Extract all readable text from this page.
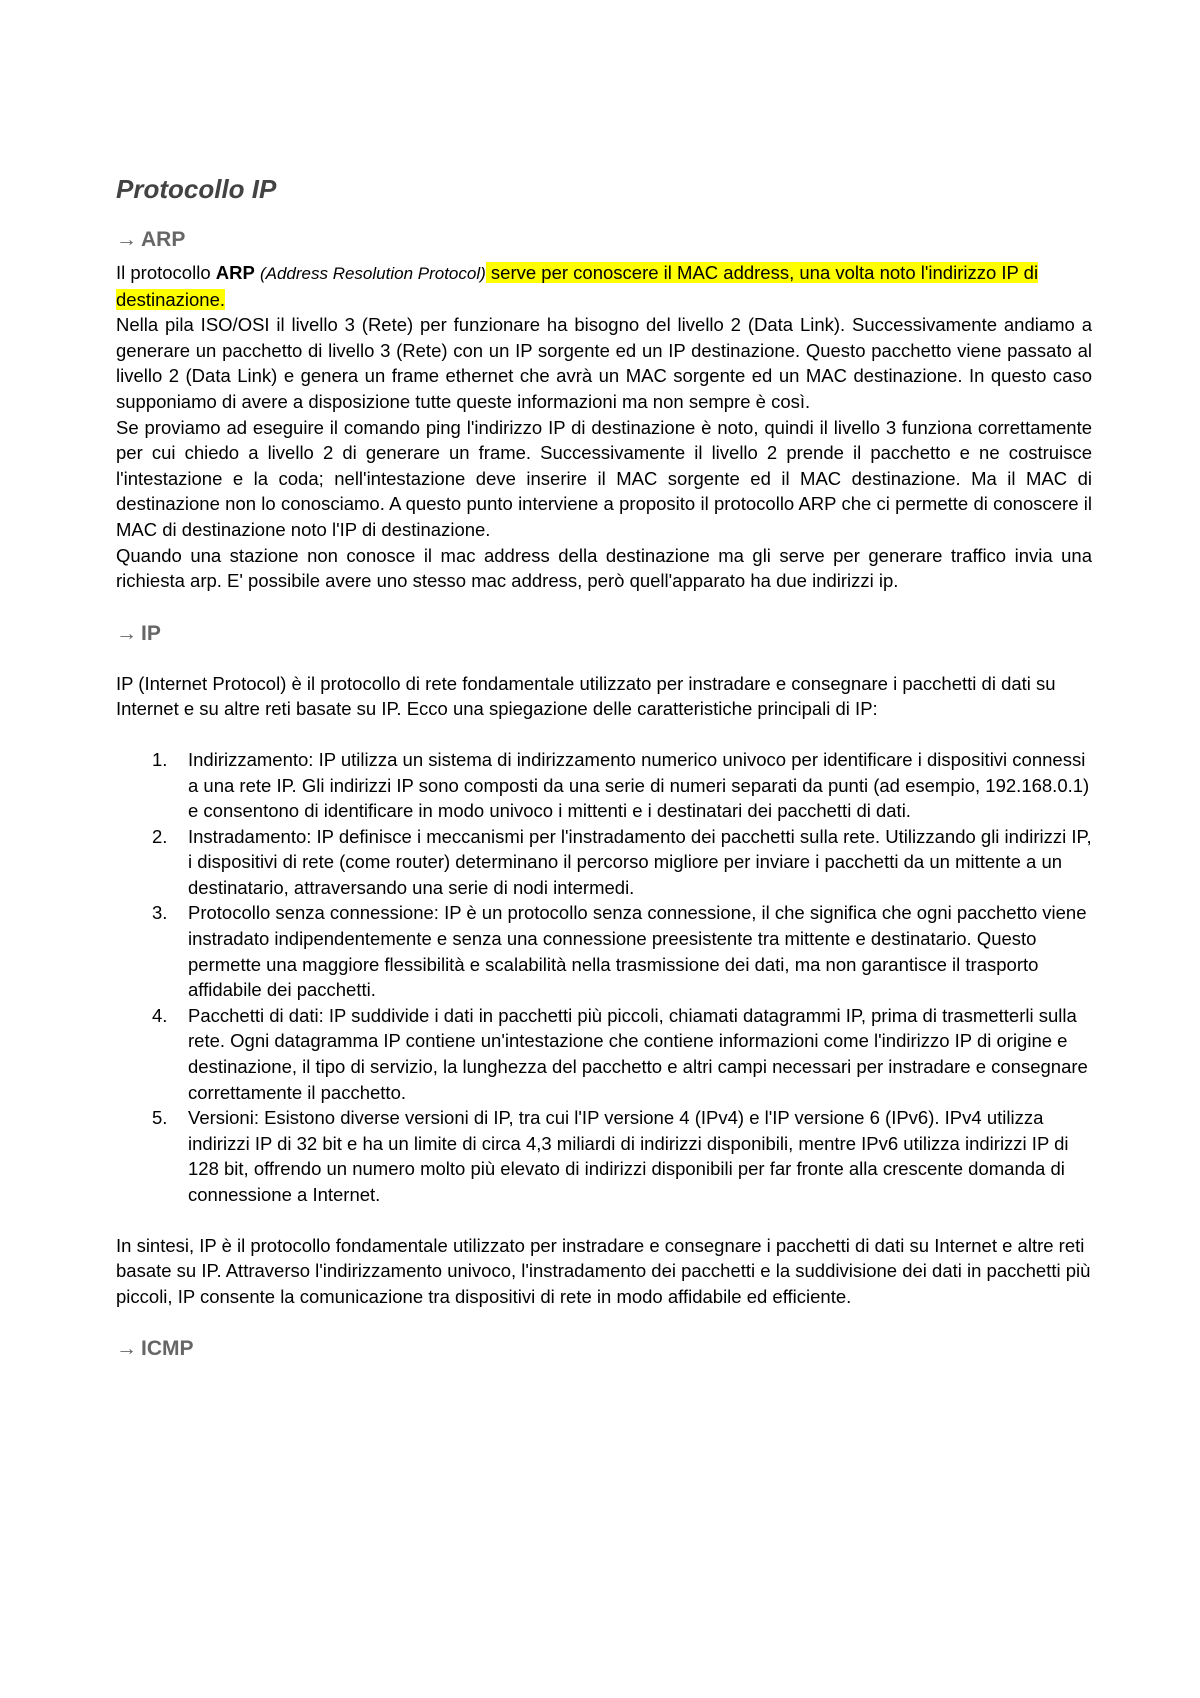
Protocollo IP
→ ARP

Il protocollo ARP (Address Resolution Protocol) serve per conoscere il MAC address, una volta noto l'indirizzo IP di destinazione.

Nella pila ISO/OSI il livello 3 (Rete) per funzionare ha bisogno del livello 2 (Data Link). Successivamente andiamo a generare un pacchetto di livello 3 (Rete) con un IP sorgente ed un IP destinazione. Questo pacchetto viene passato al livello 2 (Data Link) e genera un frame ethernet che avrà un MAC sorgente ed un MAC destinazione. In questo caso supponiamo di avere a disposizione tutte queste informazioni ma non sempre è così.

Se proviamo ad eseguire il comando ping l'indirizzo IP di destinazione è noto, quindi il livello 3 funziona correttamente per cui chiedo a livello 2 di generare un frame. Successivamente il livello 2 prende il pacchetto e ne costruisce l'intestazione e la coda; nell'intestazione deve inserire il MAC sorgente ed il MAC destinazione. Ma il MAC di destinazione non lo conosciamo. A questo punto interviene a proposito il protocollo ARP che ci permette di conoscere il MAC di destinazione noto l'IP di destinazione.

Quando una stazione non conosce il mac address della destinazione ma gli serve per generare traffico invia una richiesta arp. E' possibile avere uno stesso mac address, però quell'apparato ha due indirizzi ip.

→ IP

IP (Internet Protocol) è il protocollo di rete fondamentale utilizzato per instradare e consegnare i pacchetti di dati su Internet e su altre reti basate su IP. Ecco una spiegazione delle caratteristiche principali di IP:

1. Indirizzamento: IP utilizza un sistema di indirizzamento numerico univoco per identificare i dispositivi connessi a una rete IP. Gli indirizzi IP sono composti da una serie di numeri separati da punti (ad esempio, 192.168.0.1) e consentono di identificare in modo univoco i mittenti e i destinatari dei pacchetti di dati.
2. Instradamento: IP definisce i meccanismi per l'instradamento dei pacchetti sulla rete. Utilizzando gli indirizzi IP, i dispositivi di rete (come router) determinano il percorso migliore per inviare i pacchetti da un mittente a un destinatario, attraversando una serie di nodi intermedi.
3. Protocollo senza connessione: IP è un protocollo senza connessione, il che significa che ogni pacchetto viene instradato indipendentemente e senza una connessione preesistente tra mittente e destinatario. Questo permette una maggiore flessibilità e scalabilità nella trasmissione dei dati, ma non garantisce il trasporto affidabile dei pacchetti.
4. Pacchetti di dati: IP suddivide i dati in pacchetti più piccoli, chiamati datagrammi IP, prima di trasmetterli sulla rete. Ogni datagramma IP contiene un'intestazione che contiene informazioni come l'indirizzo IP di origine e destinazione, il tipo di servizio, la lunghezza del pacchetto e altri campi necessari per instradare e consegnare correttamente il pacchetto.
5. Versioni: Esistono diverse versioni di IP, tra cui l'IP versione 4 (IPv4) e l'IP versione 6 (IPv6). IPv4 utilizza indirizzi IP di 32 bit e ha un limite di circa 4,3 miliardi di indirizzi disponibili, mentre IPv6 utilizza indirizzi IP di 128 bit, offrendo un numero molto più elevato di indirizzi disponibili per far fronte alla crescente domanda di connessione a Internet.

In sintesi, IP è il protocollo fondamentale utilizzato per instradare e consegnare i pacchetti di dati su Internet e altre reti basate su IP. Attraverso l'indirizzamento univoco, l'instradamento dei pacchetti e la suddivisione dei dati in pacchetti più piccoli, IP consente la comunicazione tra dispositivi di rete in modo affidabile ed efficiente.

→ ICMP
